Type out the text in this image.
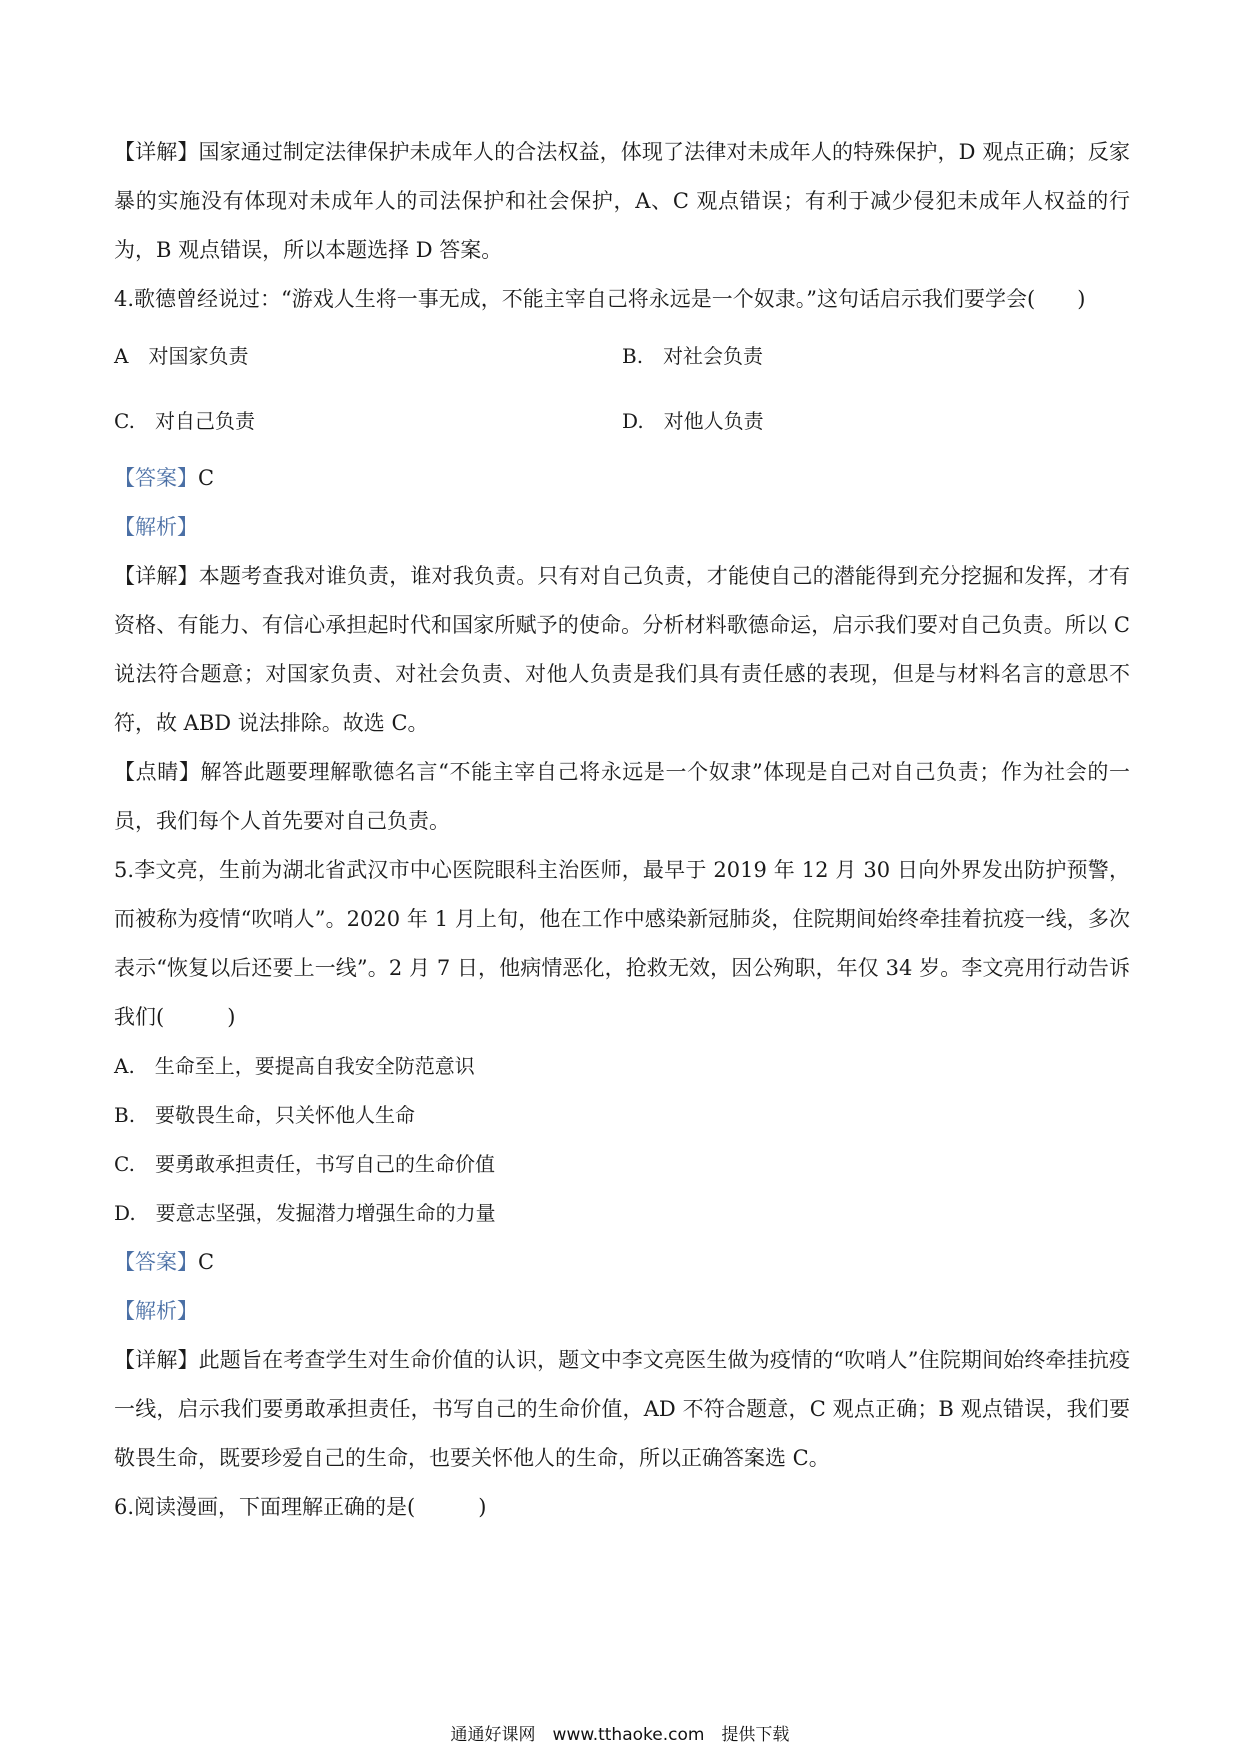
【详解】国家通过制定法律保护未成年人的合法权益，体现了法律对未成年人的特殊保护，D 观点正确；反家暴的实施没有体现对未成年人的司法保护和社会保护，A、C 观点错误；有利于减少侵犯未成年人权益的行为，B 观点错误，所以本题选择 D 答案。

4.歌德曾经说过：“游戏人生将一事无成，不能主宰自己将永远是一个奴隶。”这句话启示我们要学会(　　)

A　对国家负责	B.　对社会负责

C.　对自己负责	D.　对他人负责

【答案】C

【解析】

【详解】本题考查我对谁负责，谁对我负责。只有对自己负责，才能使自己的潜能得到充分挖掘和发挥，才有资格、有能力、有信心承担起时代和国家所赋予的使命。分析材料歌德命运，启示我们要对自己负责。所以 C 说法符合题意；对国家负责、对社会负责、对他人负责是我们具有责任感的表现，但是与材料名言的意思不符，故 ABD 说法排除。故选 C。

【点睛】解答此题要理解歌德名言“不能主宰自己将永远是一个奴隶”体现是自己对自己负责；作为社会的一员，我们每个人首先要对自己负责。

5.李文亮，生前为湖北省武汉市中心医院眼科主治医师，最早于 2019 年 12 月 30 日向外界发出防护预警，而被称为疫情“吹哨人”。2020 年 1 月上旬，他在工作中感染新冠肺炎，住院期间始终牵挂着抗疫一线，多次表示“恢复以后还要上一线”。2 月 7 日，他病情恶化，抢救无效，因公殉职，年仅 34 岁。李文亮用行动告诉我们(　　　)

A.　生命至上，要提高自我安全防范意识

B.　要敬畏生命，只关怀他人生命

C.　要勇敢承担责任，书写自己的生命价值

D.　要意志坚强，发掘潜力增强生命的力量

【答案】C

【解析】

【详解】此题旨在考查学生对生命价值的认识，题文中李文亮医生做为疫情的“吹哨人”住院期间始终牵挂抗疫一线，启示我们要勇敢承担责任，书写自己的生命价值，AD 不符合题意，C 观点正确；B 观点错误，我们要敬畏生命，既要珍爱自己的生命，也要关怀他人的生命，所以正确答案选 C。

6.阅读漫画，下面理解正确的是(　　　)

通通好课网　www.tthaoke.com　提供下载
